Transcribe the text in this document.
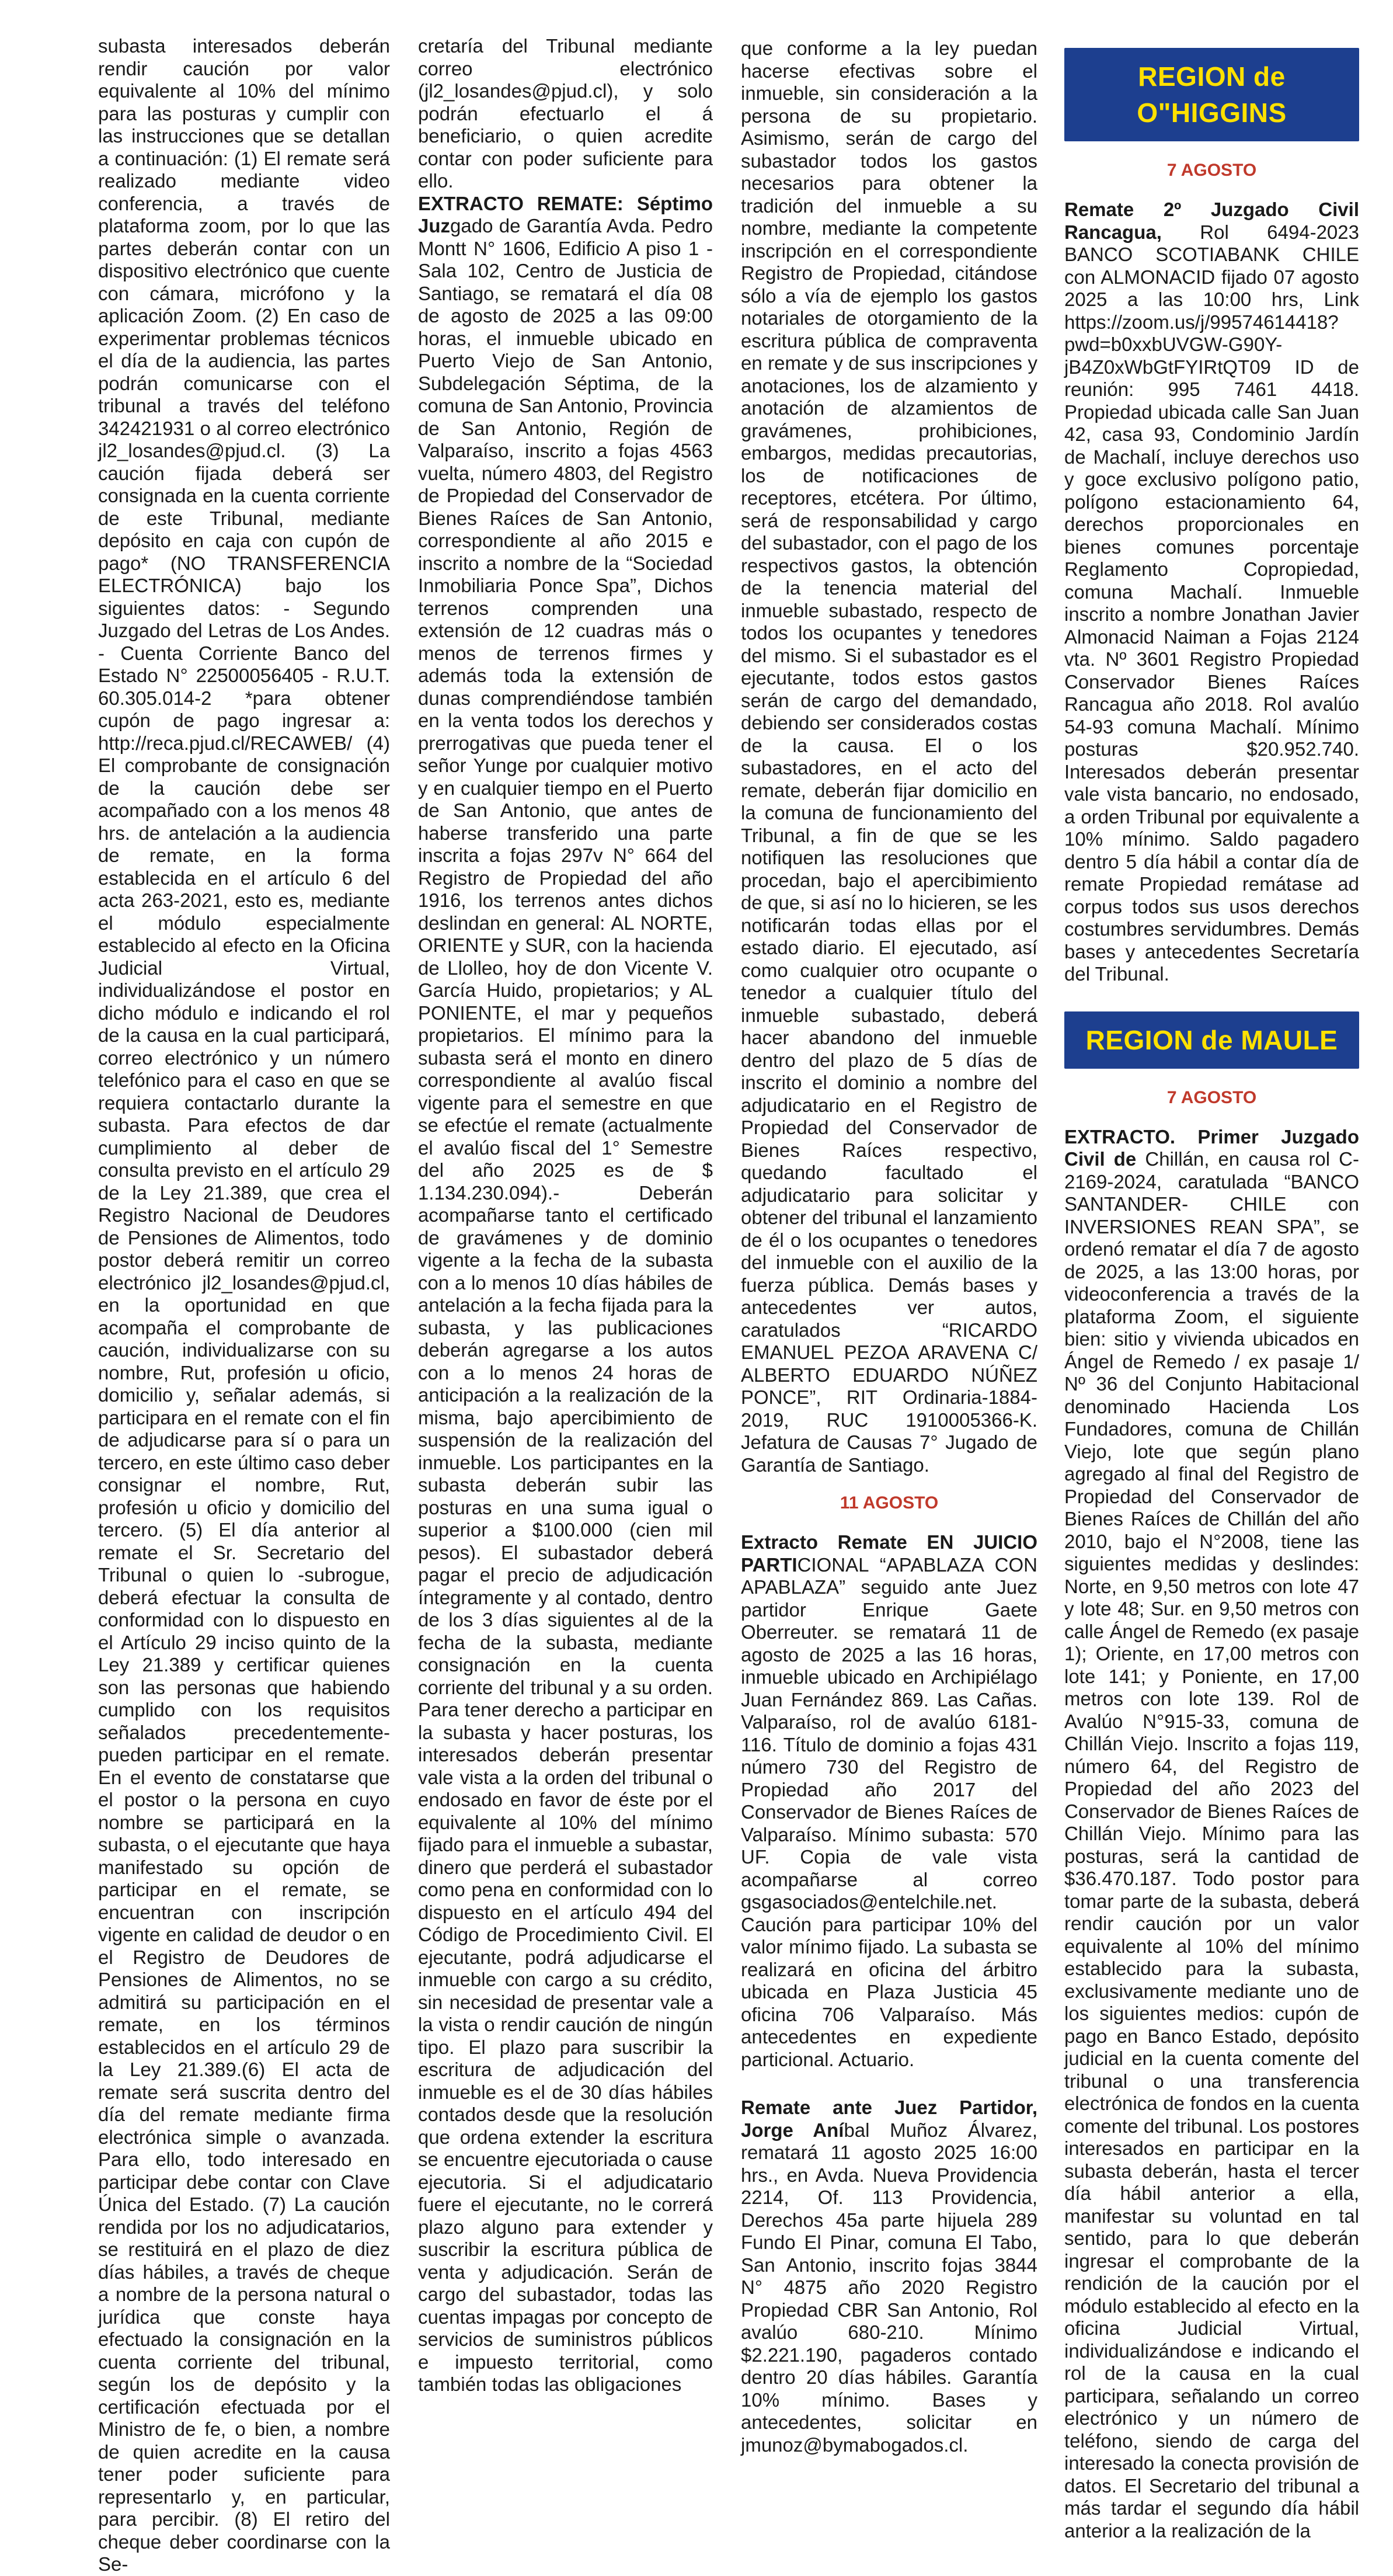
subasta interesados deberán rendir caución por valor equivalente al 10% del mínimo para las posturas y cumplir con las instrucciones que se detallan a continuación: (1) El remate será realizado mediante video conferencia, a través de plataforma zoom, por lo que las partes deberán contar con un dispositivo electrónico que cuente con cámara, micrófono y la aplicación Zoom. (2) En caso de experimentar problemas técnicos el día de la audiencia, las partes podrán comunicarse con el tribunal a través del teléfono 342421931 o al correo electrónico jl2_losandes@pjud.cl. (3) La caución fijada deberá ser consignada en la cuenta corriente de este Tribunal, mediante depósito en caja con cupón de pago* (NO TRANSFERENCIA ELECTRÓNICA) bajo los siguientes datos: - Segundo Juzgado del Letras de Los Andes. - Cuenta Corriente Banco del Estado N° 22500056405 - R.U.T. 60.305.014-2 *para obtener cupón de pago ingresar a: http://reca.pjud.cl/RECAWEB/ (4) El comprobante de consignación de la caución debe ser acompañado con a los menos 48 hrs. de antelación a la audiencia de remate, en la forma establecida en el artículo 6 del acta 263-2021, esto es, mediante el módulo especialmente establecido al efecto en la Oficina Judicial Virtual, individualizándose el postor en dicho módulo e indicando el rol de la causa en la cual participará, correo electrónico y un número telefónico para el caso en que se requiera contactarlo durante la subasta. Para efectos de dar cumplimiento al deber de consulta previsto en el artículo 29 de la Ley 21.389, que crea el Registro Nacional de Deudores de Pensiones de Alimentos, todo postor deberá remitir un correo electrónico jl2_losandes@pjud.cl, en la oportunidad en que acompaña el comprobante de caución, individualizarse con su nombre, Rut, profesión u oficio, domicilio y, señalar además, si participara en el remate con el fin de adjudicarse para sí o para un tercero, en este último caso deber consignar el nombre, Rut, profesión u oficio y domicilio del tercero. (5) El día anterior al remate el Sr. Secretario del Tribunal o quien lo -subrogue, deberá efectuar la consulta de conformidad con lo dispuesto en el Artículo 29 inciso quinto de la Ley 21.389 y certificar quienes son las personas que habiendo cumplido con los requisitos señalados precedentemente- pueden participar en el remate. En el evento de constatarse que el postor o la persona en cuyo nombre se participará en la subasta, o el ejecutante que haya manifestado su opción de participar en el remate, se encuentran con inscripción vigente en calidad de deudor o en el Registro de Deudores de Pensiones de Alimentos, no se admitirá su participación en el remate, en los términos establecidos en el artículo 29 de la Ley 21.389.(6) El acta de remate será suscrita dentro del día del remate mediante firma electrónica simple o avanzada. Para ello, todo interesado en participar debe contar con Clave Única del Estado. (7) La caución rendida por los no adjudicatarios, se restituirá en el plazo de diez días hábiles, a través de cheque a nombre de la persona natural o jurídica que conste haya efectuado la consignación en la cuenta corriente del tribunal, según los de depósito y la certificación efectuada por el Ministro de fe, o bien, a nombre de quien acredite en la causa tener poder suficiente para representarlo y, en particular, para percibir. (8) El retiro del cheque deber coordinarse con la Se-

cretaría del Tribunal mediante correo electrónico (jl2_losandes@pjud.cl), y solo podrán efectuarlo el á beneficiario, o quien acredite contar con poder suficiente para ello.

EXTRACTO REMATE: Séptimo Juzgado de Garantía Avda. Pedro Montt N° 1606, Edificio A piso 1 - Sala 102, Centro de Justicia de Santiago, se rematará el día 08 de agosto de 2025 a las 09:00 horas, el inmueble ubicado en Puerto Viejo de San Antonio, Subdelegación Séptima, de la comuna de San Antonio, Provincia de San Antonio, Región de Valparaíso, inscrito a fojas 4563 vuelta, número 4803, del Registro de Propiedad del Conservador de Bienes Raíces de San Antonio, correspondiente al año 2015 e inscrito a nombre de la “Sociedad Inmobiliaria Ponce Spa”, Dichos terrenos comprenden una extensión de 12 cuadras más o menos de terrenos firmes y además toda la extensión de dunas comprendiéndose también en la venta todos los derechos y prerrogativas que pueda tener el señor Yunge por cualquier motivo y en cualquier tiempo en el Puerto de San Antonio, que antes de haberse transferido una parte inscrita a fojas 297v N° 664 del Registro de Propiedad del año 1916, los terrenos antes dichos deslindan en general: AL NORTE, ORIENTE y SUR, con la hacienda de Llolleo, hoy de don Vicente V. García Huido, propietarios; y AL PONIENTE, el mar y pequeños propietarios. El mínimo para la subasta será el monto en dinero correspondiente al avalúo fiscal vigente para el semestre en que se efectúe el remate (actualmente el avalúo fiscal del 1° Semestre del año 2025 es de $ 1.134.230.094).- Deberán acompañarse tanto el certificado de gravámenes y de dominio vigente a la fecha de la subasta con a lo menos 10 días hábiles de antelación a la fecha fijada para la subasta, y las publicaciones deberán agregarse a los autos con a lo menos 24 horas de anticipación a la realización de la misma, bajo apercibimiento de suspensión de la realización del inmueble. Los participantes en la subasta deberán subir las posturas en una suma igual o superior a $100.000 (cien mil pesos). El subastador deberá pagar el precio de adjudicación íntegramente y al contado, dentro de los 3 días siguientes al de la fecha de la subasta, mediante consignación en la cuenta corriente del tribunal y a su orden. Para tener derecho a participar en la subasta y hacer posturas, los interesados deberán presentar vale vista a la orden del tribunal o endosado en favor de éste por el equivalente al 10% del mínimo fijado para el inmueble a subastar, dinero que perderá el subastador como pena en conformidad con lo dispuesto en el artículo 494 del Código de Procedimiento Civil. El ejecutante, podrá adjudicarse el inmueble con cargo a su crédito, sin necesidad de presentar vale a la vista o rendir caución de ningún tipo. El plazo para suscribir la escritura de adjudicación del inmueble es el de 30 días hábiles contados desde que la resolución que ordena extender la escritura se encuentre ejecutoriada o cause ejecutoria. Si el adjudicatario fuere el ejecutante, no le correrá plazo alguno para extender y suscribir la escritura pública de venta y adjudicación. Serán de cargo del subastador, todas las cuentas impagas por concepto de servicios de suministros públicos e impuesto territorial, como también todas las obligaciones

que conforme a la ley puedan hacerse efectivas sobre el inmueble, sin consideración a la persona de su propietario. Asimismo, serán de cargo del subastador todos los gastos necesarios para obtener la tradición del inmueble a su nombre, mediante la competente inscripción en el correspondiente Registro de Propiedad, citándose sólo a vía de ejemplo los gastos notariales de otorgamiento de la escritura pública de compraventa en remate y de sus inscripciones y anotaciones, los de alzamiento y anotación de alzamientos de gravámenes, prohibiciones, embargos, medidas precautorias, los de notificaciones de receptores, etcétera. Por último, será de responsabilidad y cargo del subastador, con el pago de los respectivos gastos, la obtención de la tenencia material del inmueble subastado, respecto de todos los ocupantes y tenedores del mismo. Si el subastador es el ejecutante, todos estos gastos serán de cargo del demandado, debiendo ser considerados costas de la causa. El o los subastadores, en el acto del remate, deberán fijar domicilio en la comuna de funcionamiento del Tribunal, a fin de que se les notifiquen las resoluciones que procedan, bajo el apercibimiento de que, si así no lo hicieren, se les notificarán todas ellas por el estado diario. El ejecutado, así como cualquier otro ocupante o tenedor a cualquier título del inmueble subastado, deberá hacer abandono del inmueble dentro del plazo de 5 días de inscrito el dominio a nombre del adjudicatario en el Registro de Propiedad del Conservador de Bienes Raíces respectivo, quedando facultado el adjudicatario para solicitar y obtener del tribunal el lanzamiento de él o los ocupantes o tenedores del inmueble con el auxilio de la fuerza pública. Demás bases y antecedentes ver autos, caratulados “RICARDO EMANUEL PEZOA ARAVENA C/ ALBERTO EDUARDO NÚÑEZ PONCE”, RIT Ordinaria-1884-2019, RUC 1910005366-K. Jefatura de Causas 7° Jugado de Garantía de Santiago.

11 AGOSTO

Extracto Remate EN JUICIO PARTICIONAL “APABLAZA CON APABLAZA” seguido ante Juez partidor Enrique Gaete Oberreuter. se rematará 11 de agosto de 2025 a las 16 horas, inmueble ubicado en Archipiélago Juan Fernández 869. Las Cañas. Valparaíso, rol de avalúo 6181-116. Título de dominio a fojas 431 número 730 del Registro de Propiedad año 2017 del Conservador de Bienes Raíces de Valparaíso. Mínimo subasta: 570 UF. Copia de vale vista acompañarse al correo gsgasociados@entelchile.net. Caución para participar 10% del valor mínimo fijado. La subasta se realizará en oficina del árbitro ubicada en Plaza Justicia 45 oficina 706 Valparaíso. Más antecedentes en expediente particional. Actuario.

Remate ante Juez Partidor, Jorge Aníbal Muñoz Álvarez, rematará 11 agosto 2025 16:00 hrs., en Avda. Nueva Providencia 2214, Of. 113 Providencia, Derechos 45a parte hijuela 289 Fundo El Pinar, comuna El Tabo, San Antonio, inscrito fojas 3844 N° 4875 año 2020 Registro Propiedad CBR San Antonio, Rol avalúo 680-210. Mínimo $2.221.190, pagaderos contado dentro 20 días hábiles. Garantía 10% mínimo. Bases y antecedentes, solicitar en jmunoz@bymabogados.cl.

REGION de O"HIGGINS
7 AGOSTO

Remate 2º Juzgado Civil Rancagua, Rol 6494-2023 BANCO SCOTIABANK CHILE con ALMONACID fijado 07 agosto 2025 a las 10:00 hrs, Link https://zoom.us/j/99574614418?pwd=b0xxbUVGW-G90Y-jB4Z0xWbGtFYIRtQT09 ID de reunión: 995 7461 4418. Propiedad ubicada calle San Juan 42, casa 93, Condominio Jardín de Machalí, incluye derechos uso y goce exclusivo polígono patio, polígono estacionamiento 64, derechos proporcionales en bienes comunes porcentaje Reglamento Copropiedad, comuna Machalí. Inmueble inscrito a nombre Jonathan Javier Almonacid Naiman a Fojas 2124 vta. Nº 3601 Registro Propiedad Conservador Bienes Raíces Rancagua año 2018. Rol avalúo 54-93 comuna Machalí. Mínimo posturas $20.952.740. Interesados deberán presentar vale vista bancario, no endosado, a orden Tribunal por equivalente a 10% mínimo. Saldo pagadero dentro 5 día hábil a contar día de remate Propiedad remátase ad corpus todos sus usos derechos costumbres servidumbres. Demás bases y antecedentes Secretaría del Tribunal.

REGION de MAULE
7 AGOSTO

EXTRACTO. Primer Juzgado Civil de Chillán, en causa rol C-2169-2024, caratulada “BANCO SANTANDER- CHILE con INVERSIONES REAN SPA”, se ordenó rematar el día 7 de agosto de 2025, a las 13:00 horas, por videoconferencia a través de la plataforma Zoom, el siguiente bien: sitio y vivienda ubicados en Ángel de Remedo / ex pasaje 1/ Nº 36 del Conjunto Habitacional denominado Hacienda Los Fundadores, comuna de Chillán Viejo, lote que según plano agregado al final del Registro de Propiedad del Conservador de Bienes Raíces de Chillán del año 2010, bajo el N°2008, tiene las siguientes medidas y deslindes: Norte, en 9,50 metros con lote 47 y lote 48; Sur. en 9,50 metros con calle Ángel de Remedo (ex pasaje 1); Oriente, en 17,00 metros con lote 141; y Poniente, en 17,00 metros con lote 139. Rol de Avalúo N°915-33, comuna de Chillán Viejo. Inscrito a fojas 119, número 64, del Registro de Propiedad del año 2023 del Conservador de Bienes Raíces de Chillán Viejo. Mínimo para las posturas, será la cantidad de $36.470.187. Todo postor para tomar parte de la subasta, deberá rendir caución por un valor equivalente al 10% del mínimo establecido para la subasta, exclusivamente mediante uno de los siguientes medios: cupón de pago en Banco Estado, depósito judicial en la cuenta comente del tribunal o una transferencia electrónica de fondos en la cuenta comente del tribunal. Los postores interesados en participar en la subasta deberán, hasta el tercer día hábil anterior a ella, manifestar su voluntad en tal sentido, para lo que deberán ingresar el comprobante de la rendición de la caución por el módulo establecido al efecto en la oficina Judicial Virtual, individualizándose e indicando el rol de la causa en la cual participara, señalando un correo electrónico y un número de teléfono, siendo de carga del interesado la conecta provisión de datos. El Secretario del tribunal a más tardar el segundo día hábil anterior a la realización de la
